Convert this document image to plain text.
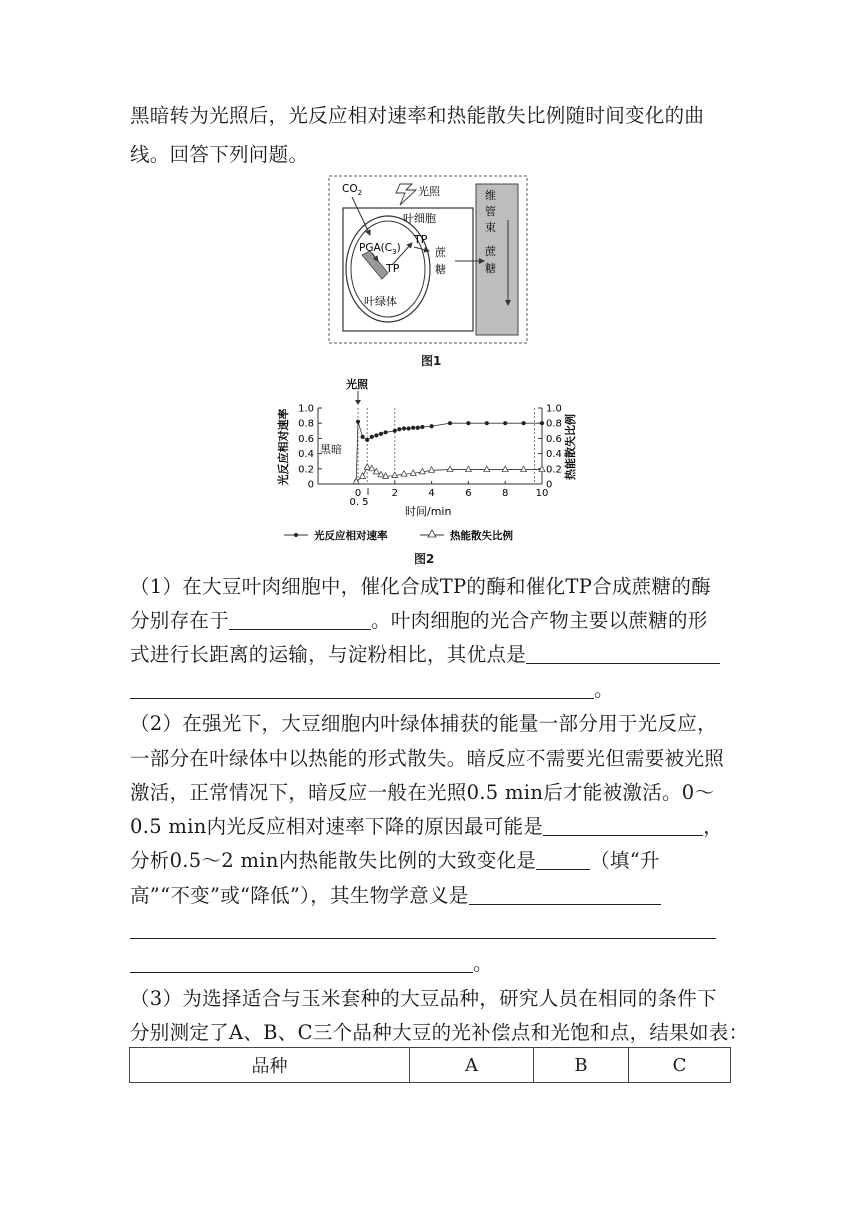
黑暗转为光照后，光反应相对速率和热能散失比例随时间变化的曲
线。回答下列问题。
$CO_2$	光照
叶细胞
$PGA(C_3)$
TP
TP
蔗
糖
叶绿体
维
管
束
蔗
糖
图1
光照
黑暗
光反应相对速率	热能散失比例
时间/min
0. 5
0	0
0.2	0.2
0.4	0.4
0.6	0.6
0.8	0.8
1.0	1.0
0	2	4	6	8	10
光反应相对速率	热能散失比例
图2
（1）在大豆叶肉细胞中，催化合成TP的酶和催化TP合成蔗糖的酶
分别存在于	。叶肉细胞的光合产物主要以蔗糖的形
式进行长距离的运输，与淀粉相比，其优点是
。
（2）在强光下，大豆细胞内叶绿体捕获的能量一部分用于光反应，
一部分在叶绿体中以热能的形式散失。暗反应不需要光但需要被光照
激活，正常情况下，暗反应一般在光照0.5 min后才能被激活。0～
0.5 min内光反应相对速率下降的原因最可能是	，
分析0.5～2 min内热能散失比例的大致变化是	（填“升
高”“不变”或“降低”），其生物学意义是
。
（3）为选择适合与玉米套种的大豆品种，研究人员在相同的条件下
分别测定了A、B、C三个品种大豆的光补偿点和光饱和点，结果如表：
品种	A	B	C
